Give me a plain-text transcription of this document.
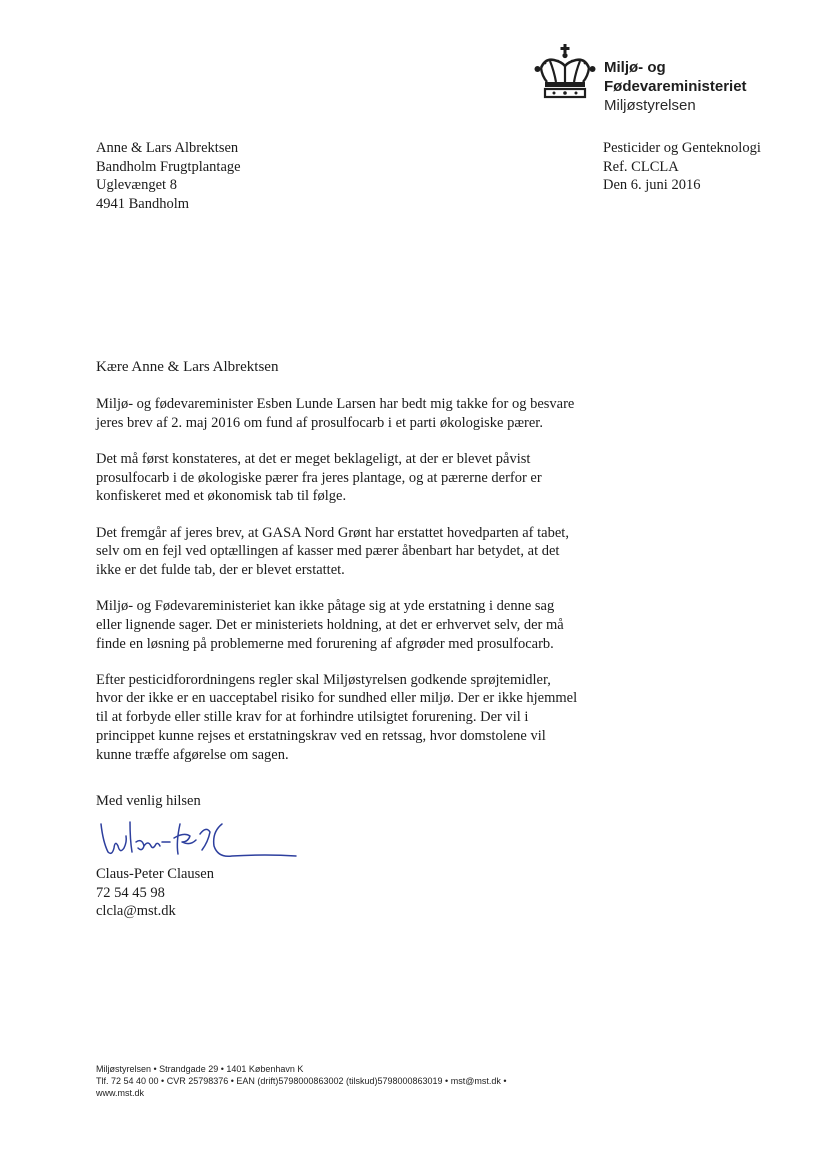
Miljø- og
Fødevareministeriet
Miljøstyrelsen
Anne & Lars Albrektsen
Bandholm Frugtplantage
Uglevænget 8
4941 Bandholm
Pesticider og Genteknologi
Ref. CLCLA
Den 6. juni 2016
Kære Anne & Lars Albrektsen

Miljø- og fødevareminister Esben Lunde Larsen har bedt mig takke for og besvare
jeres brev af 2. maj 2016 om fund af prosulfocarb i et parti økologiske pærer.

Det må først konstateres, at det er meget beklageligt, at der er blevet påvist
prosulfocarb i de økologiske pærer fra jeres plantage, og at pærerne derfor er
konfiskeret med et økonomisk tab til følge.

Det fremgår af jeres brev, at GASA Nord Grønt har erstattet hovedparten af tabet,
selv om en fejl ved optællingen af kasser med pærer åbenbart har betydet, at det
ikke er det fulde tab, der er blevet erstattet.

Miljø- og Fødevareministeriet kan ikke påtage sig at yde erstatning i denne sag
eller lignende sager. Det er ministeriets holdning, at det er erhvervet selv, der må
finde en løsning på problemerne med forurening af afgrøder med prosulfocarb.

Efter pesticidforordningens regler skal Miljøstyrelsen godkende sprøjtemidler,
hvor der ikke er en uacceptabel risiko for sundhed eller miljø. Der er ikke hjemmel
til at forbyde eller stille krav for at forhindre utilsigtet forurening. Der vil i
princippet kunne rejses et erstatningskrav ved en retssag, hvor domstolene vil
kunne træffe afgørelse om sagen.

Med venlig hilsen
Claus-Peter Clausen
72 54 45 98
clcla@mst.dk
Miljøstyrelsen • Strandgade 29 • 1401 København K
Tlf. 72 54 40 00 • CVR 25798376 • EAN (drift)5798000863002 (tilskud)5798000863019 • mst@mst.dk •
www.mst.dk
